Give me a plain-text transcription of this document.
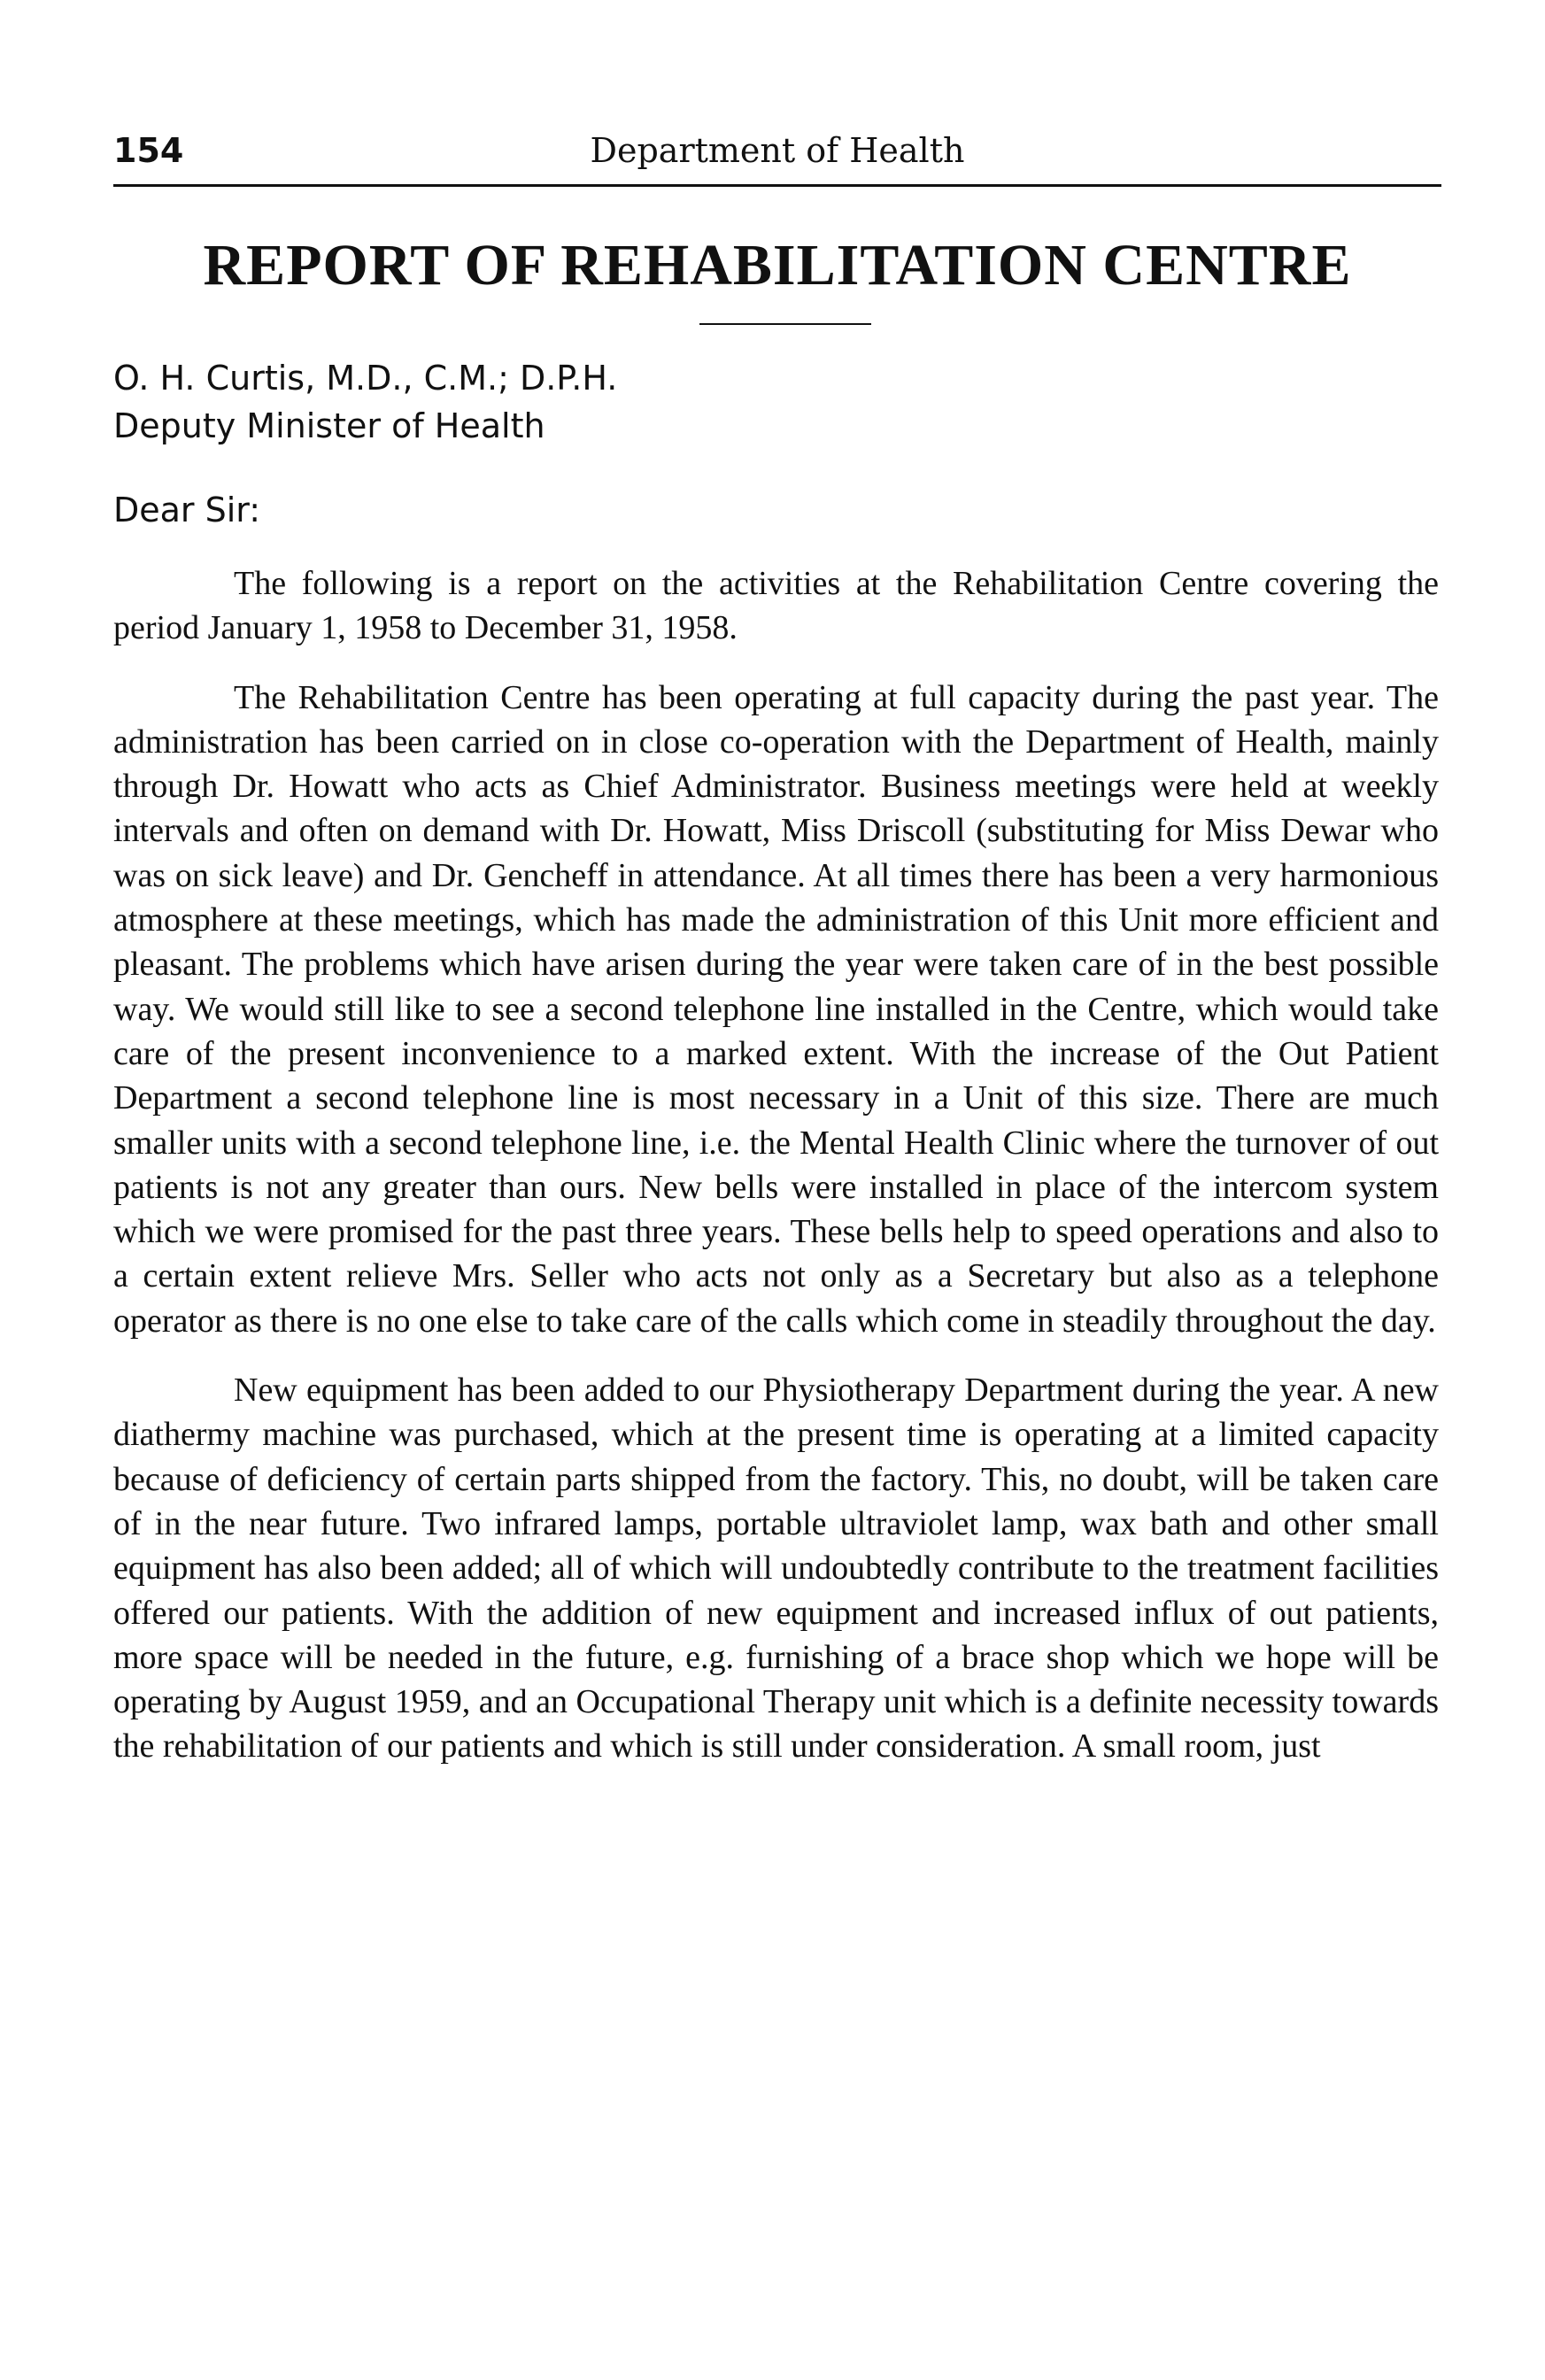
154	Department of Health
REPORT OF REHABILITATION CENTRE
O. H. Curtis, M.D., C.M.; D.P.H.
Deputy Minister of Health
Dear Sir:

The following is a report on the activities at the Rehabilitation Centre covering the period January 1, 1958 to December 31, 1958.

The Rehabilitation Centre has been operating at full capacity during the past year. The administration has been carried on in close co-operation with the Department of Health, mainly through Dr. Howatt who acts as Chief Administrator. Business meetings were held at weekly intervals and often on demand with Dr. Howatt, Miss Driscoll (substituting for Miss Dewar who was on sick leave) and Dr. Gencheff in attendance. At all times there has been a very harmonious atmosphere at these meetings, which has made the administration of this Unit more efficient and pleasant. The problems which have arisen during the year were taken care of in the best possible way. We would still like to see a second telephone line installed in the Centre, which would take care of the present inconvenience to a marked extent. With the increase of the Out Patient Department a second telephone line is most necessary in a Unit of this size. There are much smaller units with a second telephone line, i.e. the Mental Health Clinic where the turnover of out patients is not any greater than ours. New bells were installed in place of the intercom system which we were promised for the past three years. These bells help to speed operations and also to a certain extent relieve Mrs. Seller who acts not only as a Secretary but also as a telephone operator as there is no one else to take care of the calls which come in steadily throughout the day.

New equipment has been added to our Physiotherapy Department during the year. A new diathermy machine was purchased, which at the present time is operating at a limited capacity because of deficiency of certain parts shipped from the factory. This, no doubt, will be taken care of in the near future. Two infrared lamps, portable ultraviolet lamp, wax bath and other small equipment has also been added; all of which will undoubtedly contribute to the treatment facilities offered our patients. With the addition of new equipment and increased influx of out patients, more space will be needed in the future, e.g. furnishing of a brace shop which we hope will be operating by August 1959, and an Occupational Therapy unit which is a definite necessity towards the rehabilitation of our patients and which is still under consideration. A small room, just
